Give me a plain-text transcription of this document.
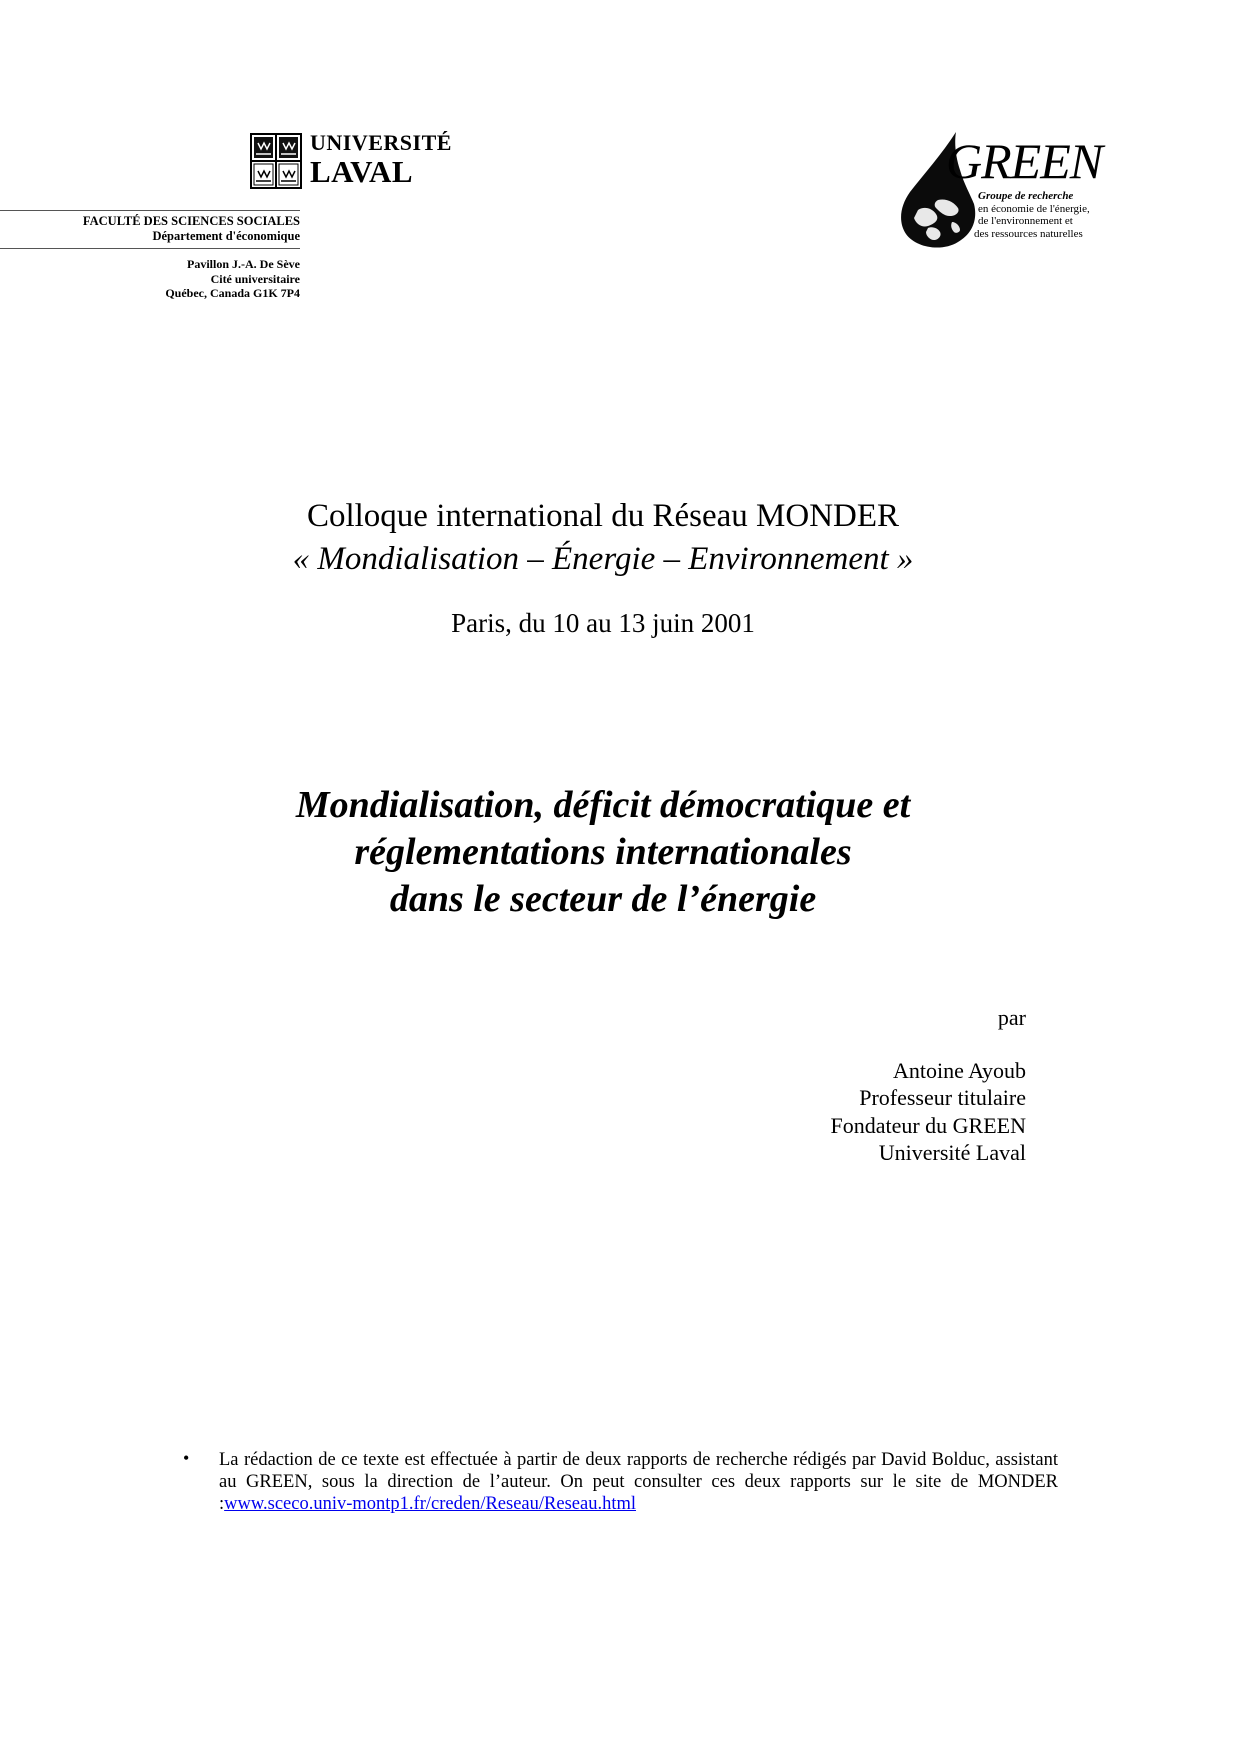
UNIVERSITÉ
LAVAL
FACULTÉ DES SCIENCES SOCIALES
Département d'économique
Pavillon J.-A. De Sève
Cité universitaire
Québec, Canada G1K 7P4
GREEN
Groupe de recherche
en économie de l'énergie,
de l'environnement et
des ressources naturelles
Colloque international du Réseau MONDER
« Mondialisation – Énergie – Environnement »
Paris, du 10 au 13 juin 2001
Mondialisation, déficit démocratique et
réglementations internationales
dans le secteur de l’énergie
par
Antoine Ayoub
Professeur titulaire
Fondateur du GREEN
Université Laval
• La rédaction de ce texte est effectuée à partir de deux rapports de recherche rédigés par David Bolduc, assistant au GREEN, sous la direction de l’auteur. On peut consulter ces deux rapports sur le site de MONDER :www.sceco.univ-montp1.fr/creden/Reseau/Reseau.html
